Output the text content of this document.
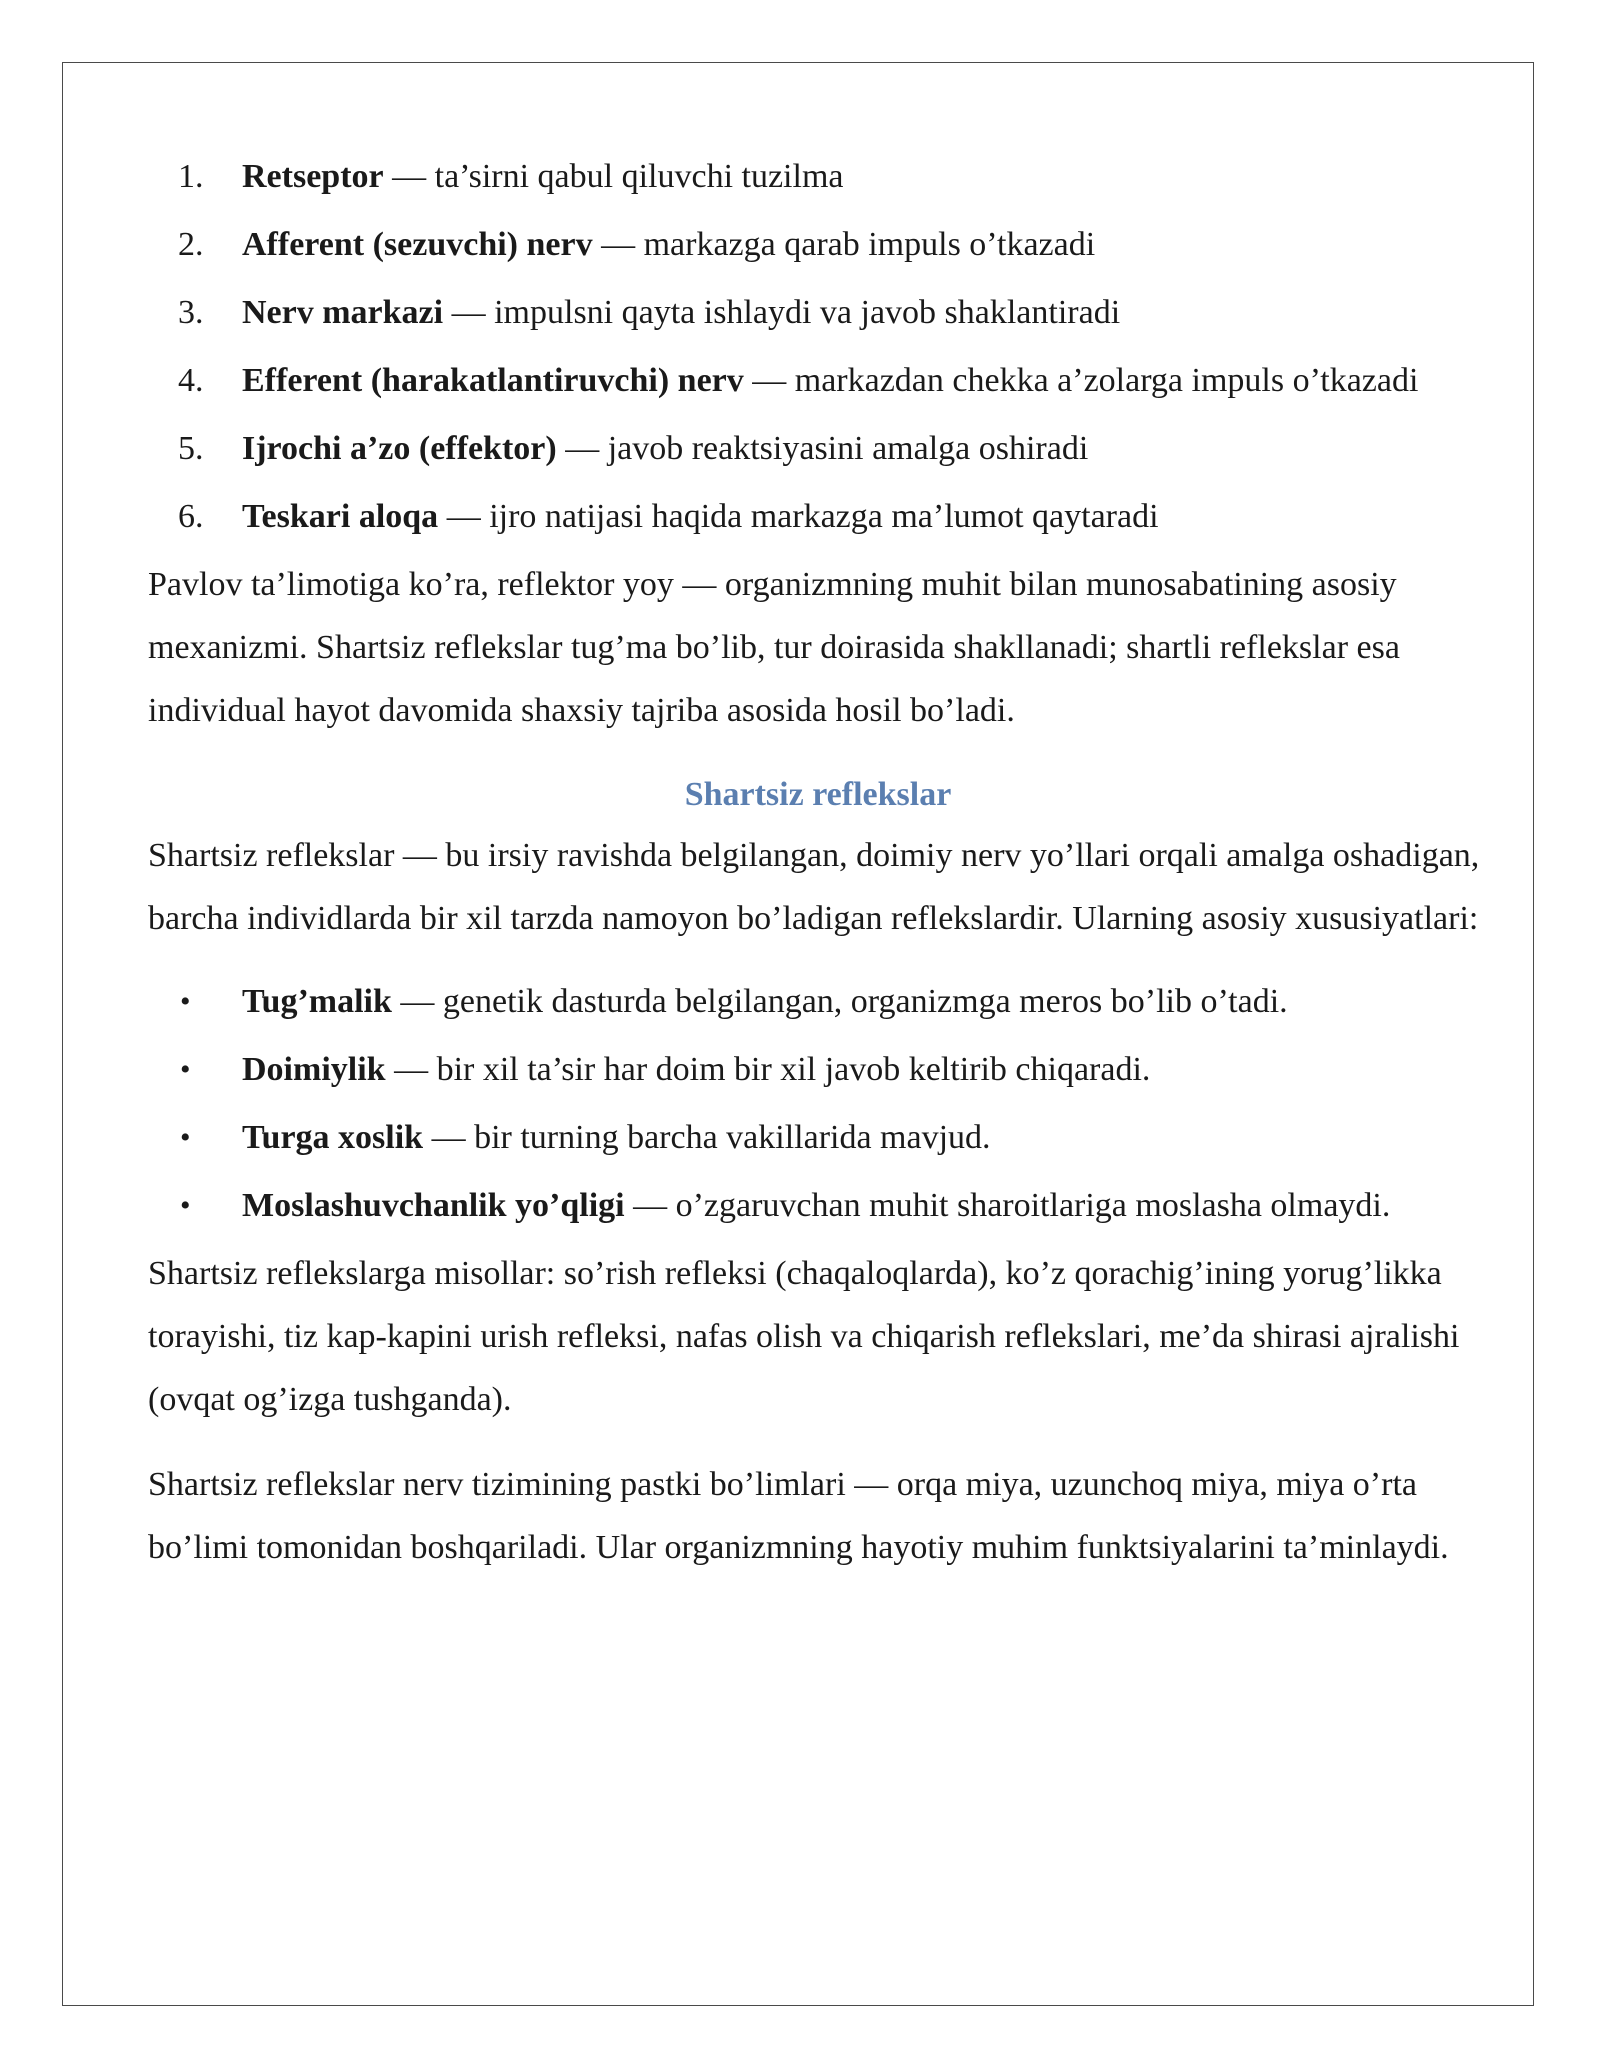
1. Retseptor — ta’sirni qabul qiluvchi tuzilma
2. Afferent (sezuvchi) nerv — markazga qarab impuls o’tkazadi
3. Nerv markazi — impulsni qayta ishlaydi va javob shaklantiradi
4. Efferent (harakatlantiruvchi) nerv — markazdan chekka a’zolarga impuls o’tkazadi
5. Ijrochi a’zo (effektor) — javob reaktsiyasini amalga oshiradi
6. Teskari aloqa — ijro natijasi haqida markazga ma’lumot qaytaradi

Pavlov ta’limotiga ko’ra, reflektor yoy — organizmning muhit bilan munosabatining asosiy mexanizmi. Shartsiz reflekslar tug’ma bo’lib, tur doirasida shakllanadi; shartli reflekslar esa individual hayot davomida shaxsiy tajriba asosida hosil bo’ladi.

Shartsiz reflekslar

Shartsiz reflekslar — bu irsiy ravishda belgilangan, doimiy nerv yo’llari orqali amalga oshadigan, barcha individlarda bir xil tarzda namoyon bo’ladigan reflekslardir. Ularning asosiy xususiyatlari:

• Tug’malik — genetik dasturda belgilangan, organizmga meros bo’lib o’tadi.
• Doimiylik — bir xil ta’sir har doim bir xil javob keltirib chiqaradi.
• Turga xoslik — bir turning barcha vakillarida mavjud.
• Moslashuvchanlik yo’qligi — o’zgaruvchan muhit sharoitlariga moslasha olmaydi.

Shartsiz reflekslarga misollar: so’rish refleksi (chaqaloqlarda), ko’z qorachig’ining yorug’likka torayishi, tiz kap-kapini urish refleksi, nafas olish va chiqarish reflekslari, me’da shirasi ajralishi (ovqat og’izga tushganda).

Shartsiz reflekslar nerv tizimining pastki bo’limlari — orqa miya, uzunchoq miya, miya o’rta bo’limi tomonidan boshqariladi. Ular organizmning hayotiy muhim funktsiyalarini ta’minlaydi.
